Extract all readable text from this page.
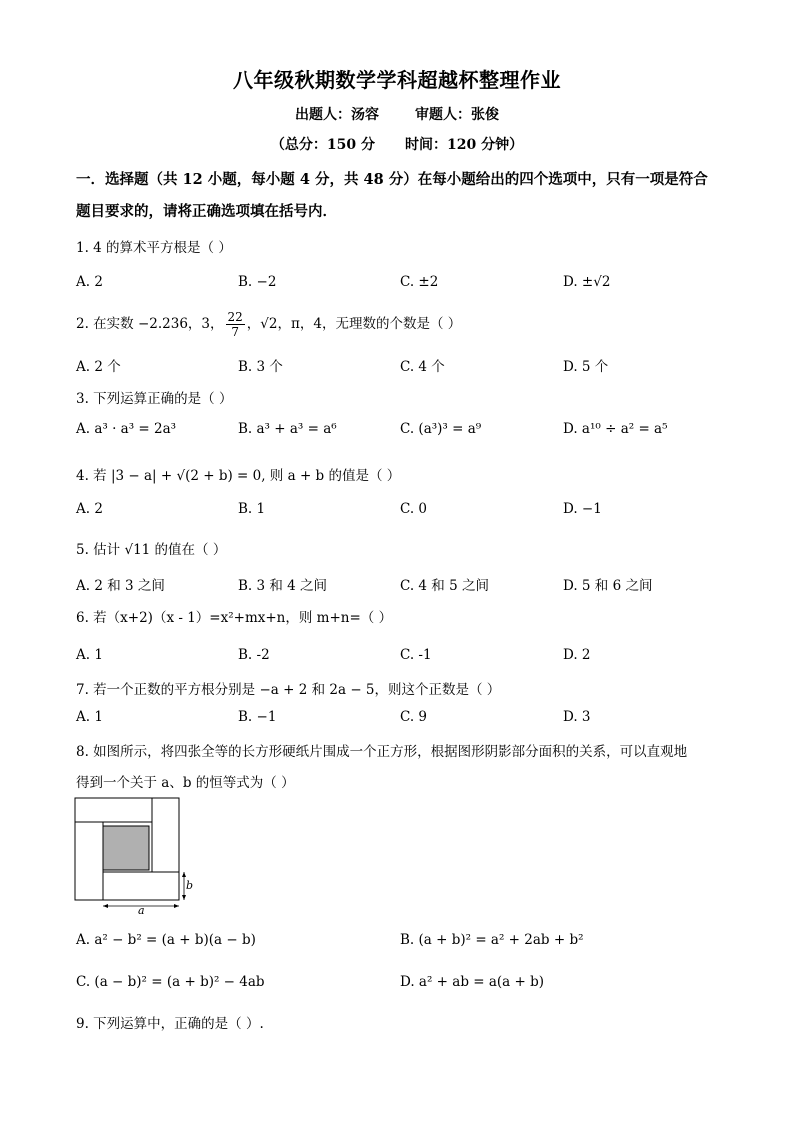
八年级秋期数学学科超越杯整理作业
出题人：汤容	审题人：张俊
（总分：150 分 时间：120 分钟）
一．选择题（共 12 小题，每小题 4 分，共 48 分）在每小题给出的四个选项中，只有一项是符合题目要求的，请将正确选项填在括号内．
1. 4 的算术平方根是（ ）
A. 2	B. −2	C. ±2	D. ±√2
2. 在实数 −2.236，3， $\frac{22}{7}$ ，√2，π，4，无理数的个数是（ ）
A. 2 个	B. 3 个	C. 4 个	D. 5 个
3. 下列运算正确的是（ ）
A. a³ · a³ = 2a³	B. a³ + a³ = a⁶	C. (a³)³ = a⁹	D. a¹⁰ ÷ a² = a⁵
4. 若 |3 − a| + √(2 + b) = 0, 则 a + b 的值是（ ）
A. 2	B. 1	C. 0	D. −1
5. 估计 √11 的值在（ ）
A. 2 和 3 之间	B. 3 和 4 之间	C. 4 和 5 之间	D. 5 和 6 之间
6. 若（x+2)（x - 1）=x²+mx+n，则 m+n=（ ）
A. 1	B. -2	C. -1	D. 2
7. 若一个正数的平方根分别是 −a + 2 和 2a − 5，则这个正数是（ ）
A. 1	B. −1	C. 9	D. 3
8. 如图所示，将四张全等的长方形硬纸片围成一个正方形，根据图形阴影部分面积的关系，可以直观地
得到一个关于 a、b 的恒等式为（ ）
b
a
A. a² − b² = (a + b)(a − b)	B. (a + b)² = a² + 2ab + b²
C. (a − b)² = (a + b)² − 4ab	D. a² + ab = a(a + b)
9. 下列运算中，正确的是（ ）.
